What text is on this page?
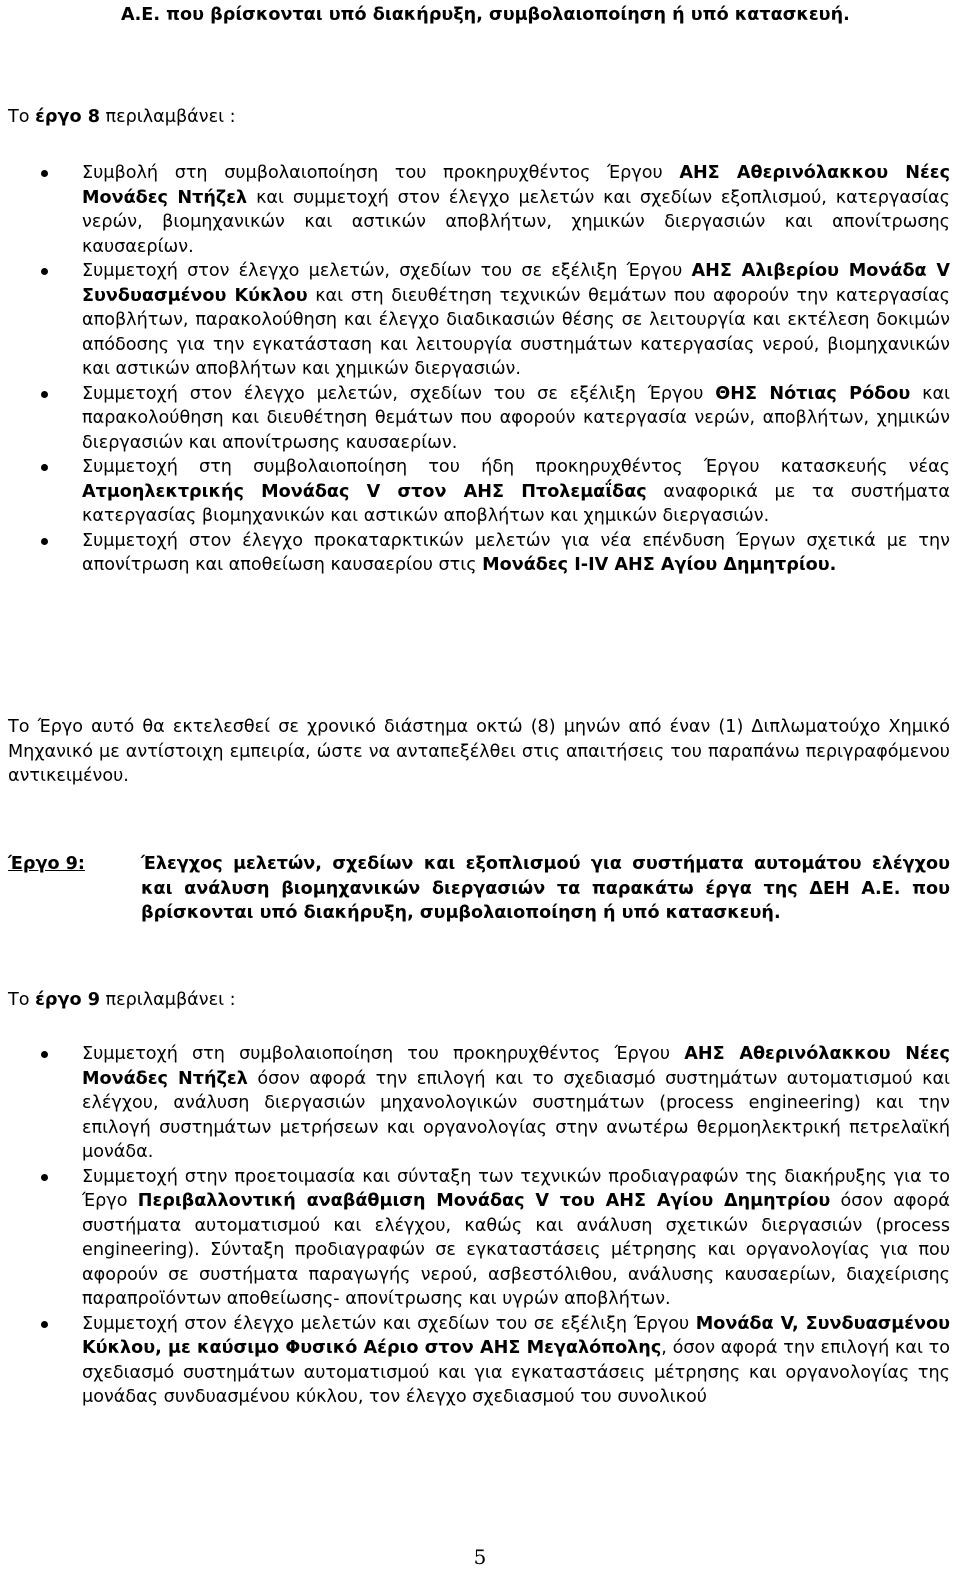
Α.Ε. που βρίσκονται υπό διακήρυξη, συμβολαιοποίηση ή υπό κατασκευή.
Το έργο 8 περιλαμβάνει :
Συμβολή στη συμβολαιοποίηση του προκηρυχθέντος Έργου ΑΗΣ Αθερινόλακκου Νέες Μονάδες Ντήζελ και συμμετοχή στον έλεγχο μελετών και σχεδίων εξοπλισμού, κατεργασίας νερών, βιομηχανικών και αστικών αποβλήτων, χημικών διεργασιών και απονίτρωσης καυσαερίων.
Συμμετοχή στον έλεγχο μελετών, σχεδίων του σε εξέλιξη Έργου ΑΗΣ Αλιβερίου Μονάδα V Συνδυασμένου Κύκλου και στη διευθέτηση τεχνικών θεμάτων που αφορούν την κατεργασίας αποβλήτων, παρακολούθηση και έλεγχο διαδικασιών θέσης σε λειτουργία και εκτέλεση δοκιμών απόδοσης για την εγκατάσταση και λειτουργία συστημάτων κατεργασίας νερού, βιομηχανικών και αστικών αποβλήτων και χημικών διεργασιών.
Συμμετοχή στον έλεγχο μελετών, σχεδίων του σε εξέλιξη Έργου ΘΗΣ Νότιας Ρόδου και παρακολούθηση και διευθέτηση θεμάτων που αφορούν κατεργασία νερών, αποβλήτων, χημικών διεργασιών και απονίτρωσης καυσαερίων.
Συμμετοχή στη συμβολαιοποίηση του ήδη προκηρυχθέντος Έργου κατασκευής νέας Ατμοηλεκτρικής Μονάδας V στον ΑΗΣ Πτολεμαΐδας αναφορικά με τα συστήματα κατεργασίας βιομηχανικών και αστικών αποβλήτων και χημικών διεργασιών.
Συμμετοχή στον έλεγχο προκαταρκτικών μελετών για νέα επένδυση Έργων σχετικά με την απονίτρωση και αποθείωση καυσαερίου στις Μονάδες I-IV ΑΗΣ Αγίου Δημητρίου.
Το Έργο αυτό θα εκτελεσθεί σε χρονικό διάστημα οκτώ (8) μηνών από έναν (1) Διπλωματούχο Χημικό Μηχανικό με αντίστοιχη εμπειρία, ώστε να ανταπεξέλθει στις απαιτήσεις του παραπάνω περιγραφόμενου αντικειμένου.
Έργο 9:	Έλεγχος μελετών, σχεδίων και εξοπλισμού για συστήματα αυτομάτου ελέγχου και ανάλυση βιομηχανικών διεργασιών τα παρακάτω έργα της ΔΕΗ Α.Ε. που βρίσκονται υπό διακήρυξη, συμβολαιοποίηση ή υπό κατασκευή.
Το έργο 9 περιλαμβάνει :
Συμμετοχή στη συμβολαιοποίηση του προκηρυχθέντος Έργου ΑΗΣ Αθερινόλακκου Νέες Μονάδες Ντήζελ όσον αφορά την επιλογή και το σχεδιασμό συστημάτων αυτοματισμού και ελέγχου, ανάλυση διεργασιών μηχανολογικών συστημάτων (process engineering) και την επιλογή συστημάτων μετρήσεων και οργανολογίας στην ανωτέρω θερμοηλεκτρική πετρελαϊκή μονάδα.
Συμμετοχή στην προετοιμασία και σύνταξη των τεχνικών προδιαγραφών της διακήρυξης για το Έργο Περιβαλλοντική αναβάθμιση Μονάδας V του ΑΗΣ Αγίου Δημητρίου όσον αφορά συστήματα αυτοματισμού και ελέγχου, καθώς και ανάλυση σχετικών διεργασιών (process engineering). Σύνταξη προδιαγραφών σε εγκαταστάσεις μέτρησης και οργανολογίας για που αφορούν σε συστήματα παραγωγής νερού, ασβεστόλιθου, ανάλυσης καυσαερίων, διαχείρισης παραπροϊόντων αποθείωσης- απονίτρωσης και υγρών αποβλήτων.
Συμμετοχή στον έλεγχο μελετών και σχεδίων του σε εξέλιξη Έργου Μονάδα V, Συνδυασμένου Κύκλου, με καύσιμο Φυσικό Αέριο στον ΑΗΣ Μεγαλόπολης, όσον αφορά την επιλογή και το σχεδιασμό συστημάτων αυτοματισμού και για εγκαταστάσεις μέτρησης και οργανολογίας της μονάδας συνδυασμένου κύκλου, τον έλεγχο σχεδιασμού του συνολικού
5
